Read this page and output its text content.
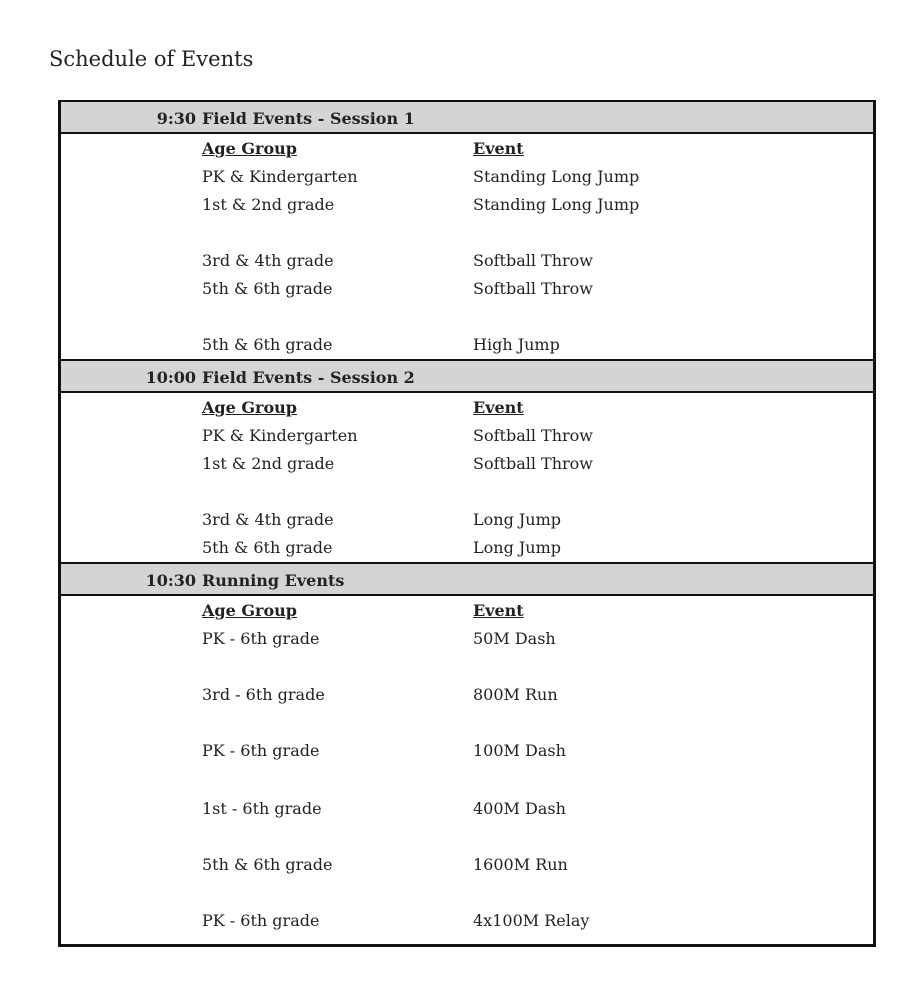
Schedule of Events
9:30 Field Events - Session 1
Age Group	Event
PK & Kindergarten	Standing Long Jump
1st & 2nd grade	Standing Long Jump
3rd & 4th grade	Softball Throw
5th & 6th grade	Softball Throw
5th & 6th grade	High Jump
10:00 Field Events - Session 2
Age Group	Event
PK & Kindergarten	Softball Throw
1st & 2nd grade	Softball Throw
3rd & 4th grade	Long Jump
5th & 6th grade	Long Jump
10:30 Running Events
Age Group	Event
PK - 6th grade	50M Dash
3rd - 6th grade	800M Run
PK - 6th grade	100M Dash
1st - 6th grade	400M Dash
5th & 6th grade	1600M Run
PK - 6th grade	4x100M Relay
